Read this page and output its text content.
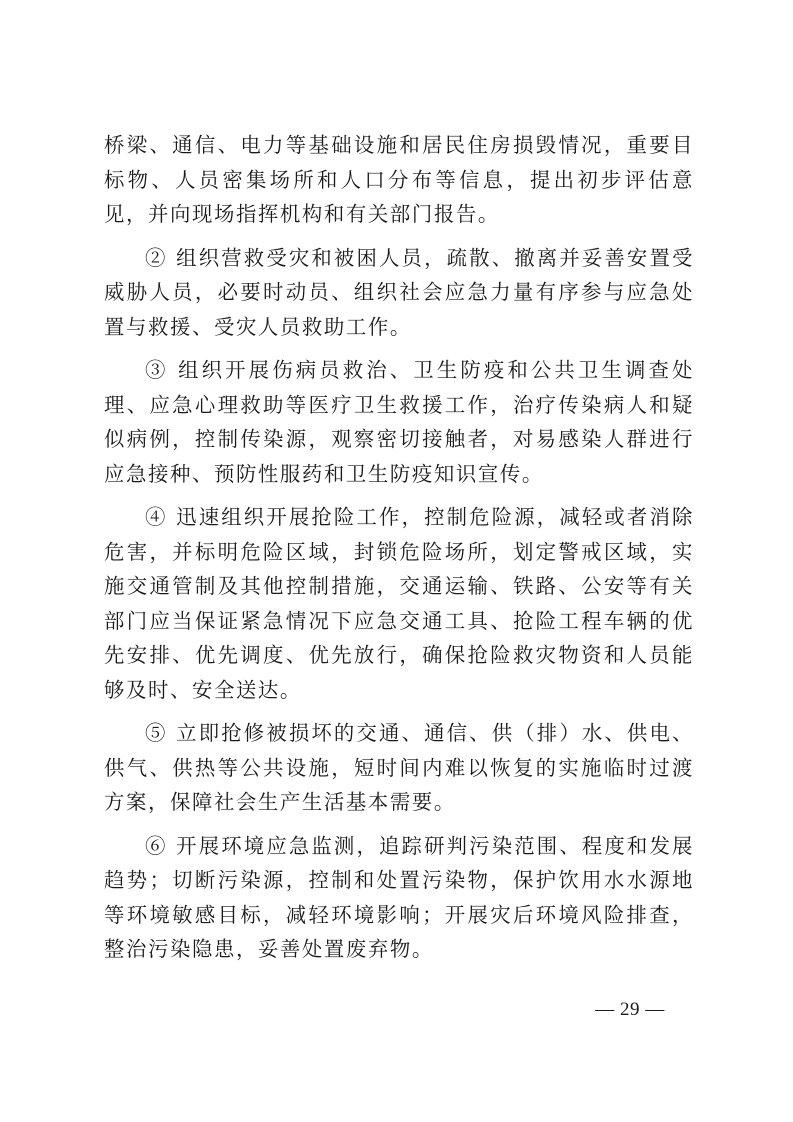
桥梁、通信、电力等基础设施和居民住房损毁情况，重要目标物、人员密集场所和人口分布等信息，提出初步评估意见，并向现场指挥机构和有关部门报告。

② 组织营救受灾和被困人员，疏散、撤离并妥善安置受威胁人员，必要时动员、组织社会应急力量有序参与应急处置与救援、受灾人员救助工作。

③ 组织开展伤病员救治、卫生防疫和公共卫生调查处理、应急心理救助等医疗卫生救援工作，治疗传染病人和疑似病例，控制传染源，观察密切接触者，对易感染人群进行应急接种、预防性服药和卫生防疫知识宣传。

④ 迅速组织开展抢险工作，控制危险源，减轻或者消除危害，并标明危险区域，封锁危险场所，划定警戒区域，实施交通管制及其他控制措施，交通运输、铁路、公安等有关部门应当保证紧急情况下应急交通工具、抢险工程车辆的优先安排、优先调度、优先放行，确保抢险救灾物资和人员能够及时、安全送达。

⑤ 立即抢修被损坏的交通、通信、供（排）水、供电、供气、供热等公共设施，短时间内难以恢复的实施临时过渡方案，保障社会生产生活基本需要。

⑥ 开展环境应急监测，追踪研判污染范围、程度和发展趋势；切断污染源，控制和处置污染物，保护饮用水水源地等环境敏感目标，减轻环境影响；开展灾后环境风险排查，整治污染隐患，妥善处置废弃物。

— 29 —
